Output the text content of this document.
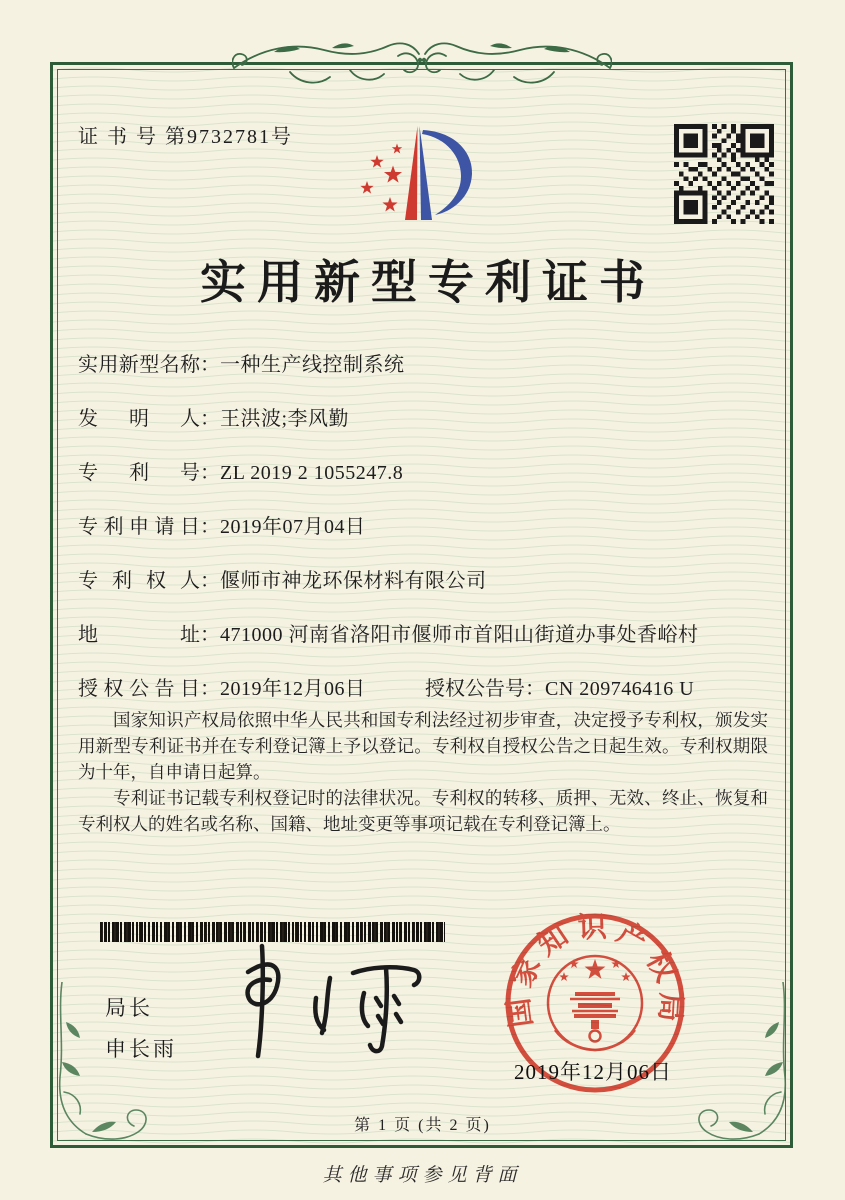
证 书 号 第9732781号
实用新型专利证书
实用新型名称：一种生产线控制系统
发明人：王洪波;李风勤
专利号：ZL 2019 2 1055247.8
专利申请日：2019年07月04日
专利权人：偃师市神龙环保材料有限公司
地址：471000 河南省洛阳市偃师市首阳山街道办事处香峪村
授权公告日：2019年12月06日	授权公告号：CN 209746416 U

国家知识产权局依照中华人民共和国专利法经过初步审查，决定授予专利权，颁发实用新型专利证书并在专利登记簿上予以登记。专利权自授权公告之日起生效。专利权期限为十年，自申请日起算。

专利证书记载专利权登记时的法律状况。专利权的转移、质押、无效、终止、恢复和专利权人的姓名或名称、国籍、地址变更等事项记载在专利登记簿上。

局长
申长雨
国家知识产权局
2019年12月06日
第 1 页 (共 2 页)
其他事项参见背面
